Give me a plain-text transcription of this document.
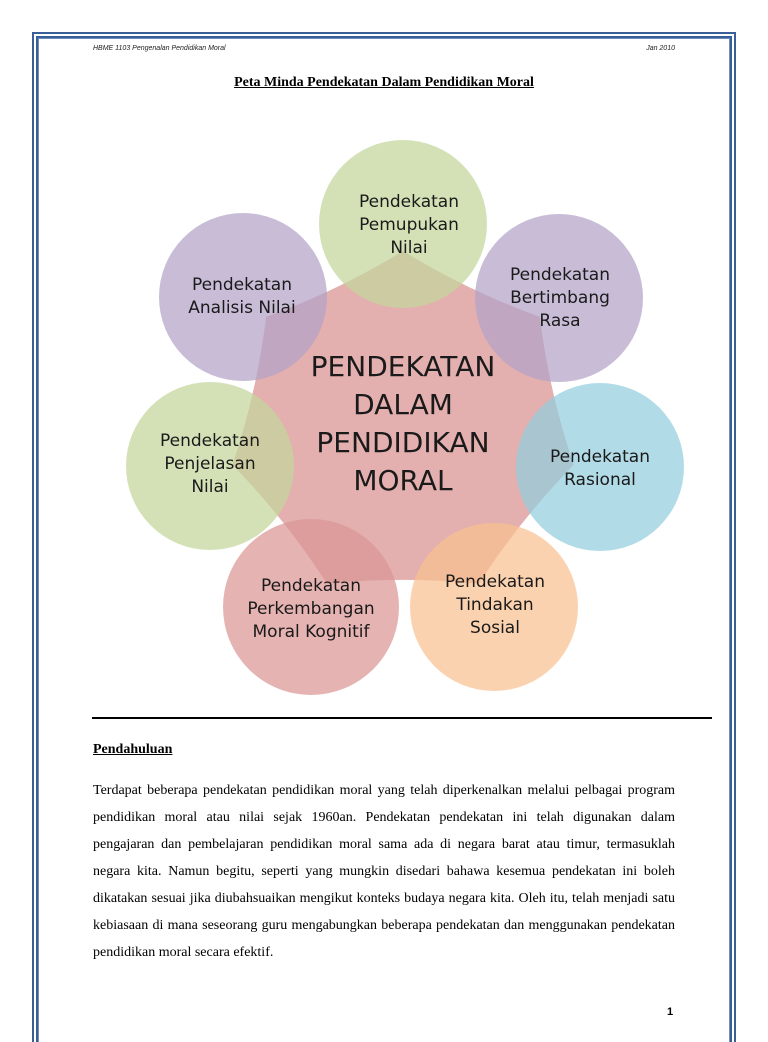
HBME 1103 Pengenalan Pendidikan Moral	Jan 2010
Peta Minda Pendekatan Dalam Pendidikan Moral
Pendekatan
Pemupukan
Nilai
Pendekatan
Bertimbang
Rasa
Pendekatan
Rasional
Pendekatan
Tindakan
Sosial
Pendekatan
Perkembangan
Moral Kognitif
Pendekatan
Penjelasan
Nilai
Pendekatan
Analisis Nilai
PENDEKATAN
DALAM
PENDIDIKAN
MORAL
Pendahuluan

Terdapat beberapa pendekatan pendidikan moral yang telah diperkenalkan melalui pelbagai program pendidikan moral atau nilai sejak 1960an. Pendekatan pendekatan ini telah digunakan dalam pengajaran dan pembelajaran pendidikan moral sama ada di negara barat atau timur, termasuklah negara kita. Namun begitu, seperti yang mungkin disedari bahawa kesemua pendekatan ini boleh dikatakan sesuai jika diubahsuaikan mengikut konteks budaya negara kita. Oleh itu, telah menjadi satu kebiasaan di mana seseorang guru mengabungkan beberapa pendekatan dan menggunakan pendekatan pendidikan moral secara efektif.

1
